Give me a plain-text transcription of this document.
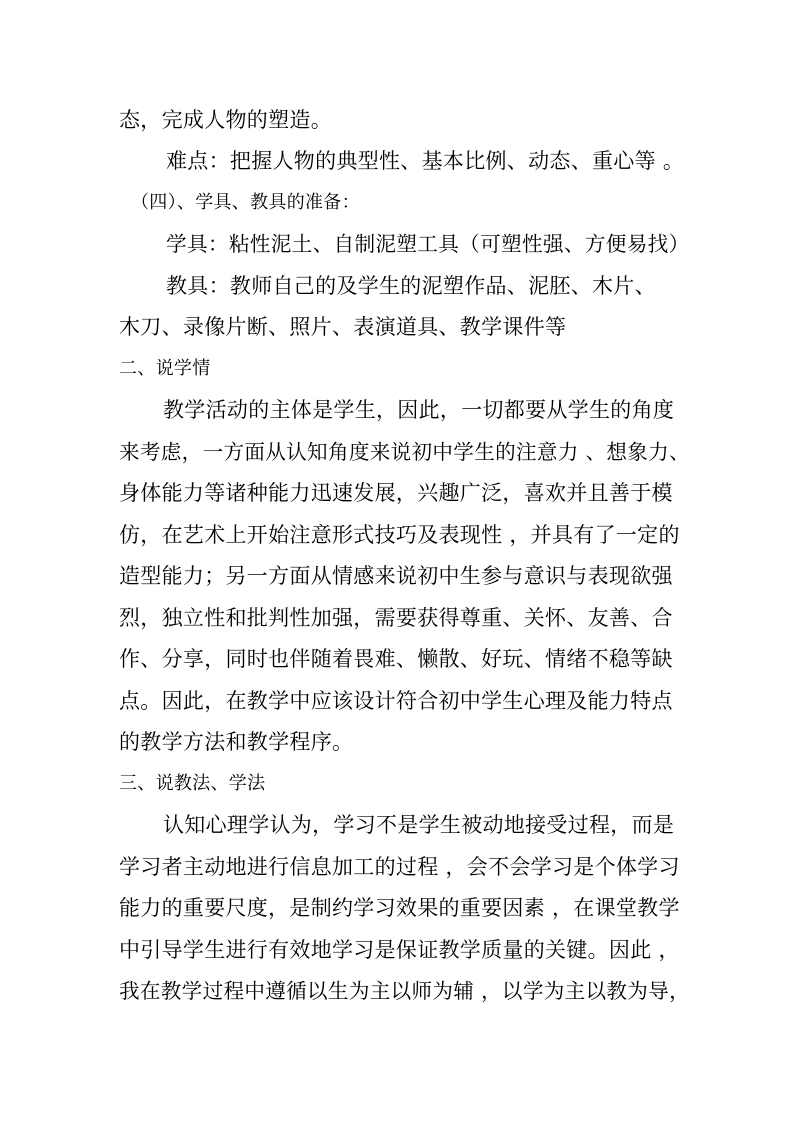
态，完成人物的塑造。
难点：把握人物的典型性、基本比例、动态、重心等 。
（四）、学具、教具的准备：
学具：粘性泥土、自制泥塑工具（可塑性强、方便易找）
教具：教师自己的及学生的泥塑作品、泥胚、木片、
木刀、录像片断、照片、表演道具、教学课件等
二、说学情
教学活动的主体是学生，因此，一切都要从学生的角度
来考虑，一方面从认知角度来说初中学生的注意力 、想象力、
身体能力等诸种能力迅速发展，兴趣广泛，喜欢并且善于模
仿，在艺术上开始注意形式技巧及表现性 ，并具有了一定的
造型能力；另一方面从情感来说初中生参与意识与表现欲强
烈，独立性和批判性加强，需要获得尊重、关怀、友善、合
作、分享，同时也伴随着畏难、懒散、好玩、情绪不稳等缺
点。因此，在教学中应该设计符合初中学生心理及能力特点
的教学方法和教学程序。
三、说教法、学法
认知心理学认为，学习不是学生被动地接受过程，而是
学习者主动地进行信息加工的过程 ，会不会学习是个体学习
能力的重要尺度，是制约学习效果的重要因素 ，在课堂教学
中引导学生进行有效地学习是保证教学质量的关键。因此 ，
我在教学过程中遵循以生为主以师为辅 ，以学为主以教为导，
